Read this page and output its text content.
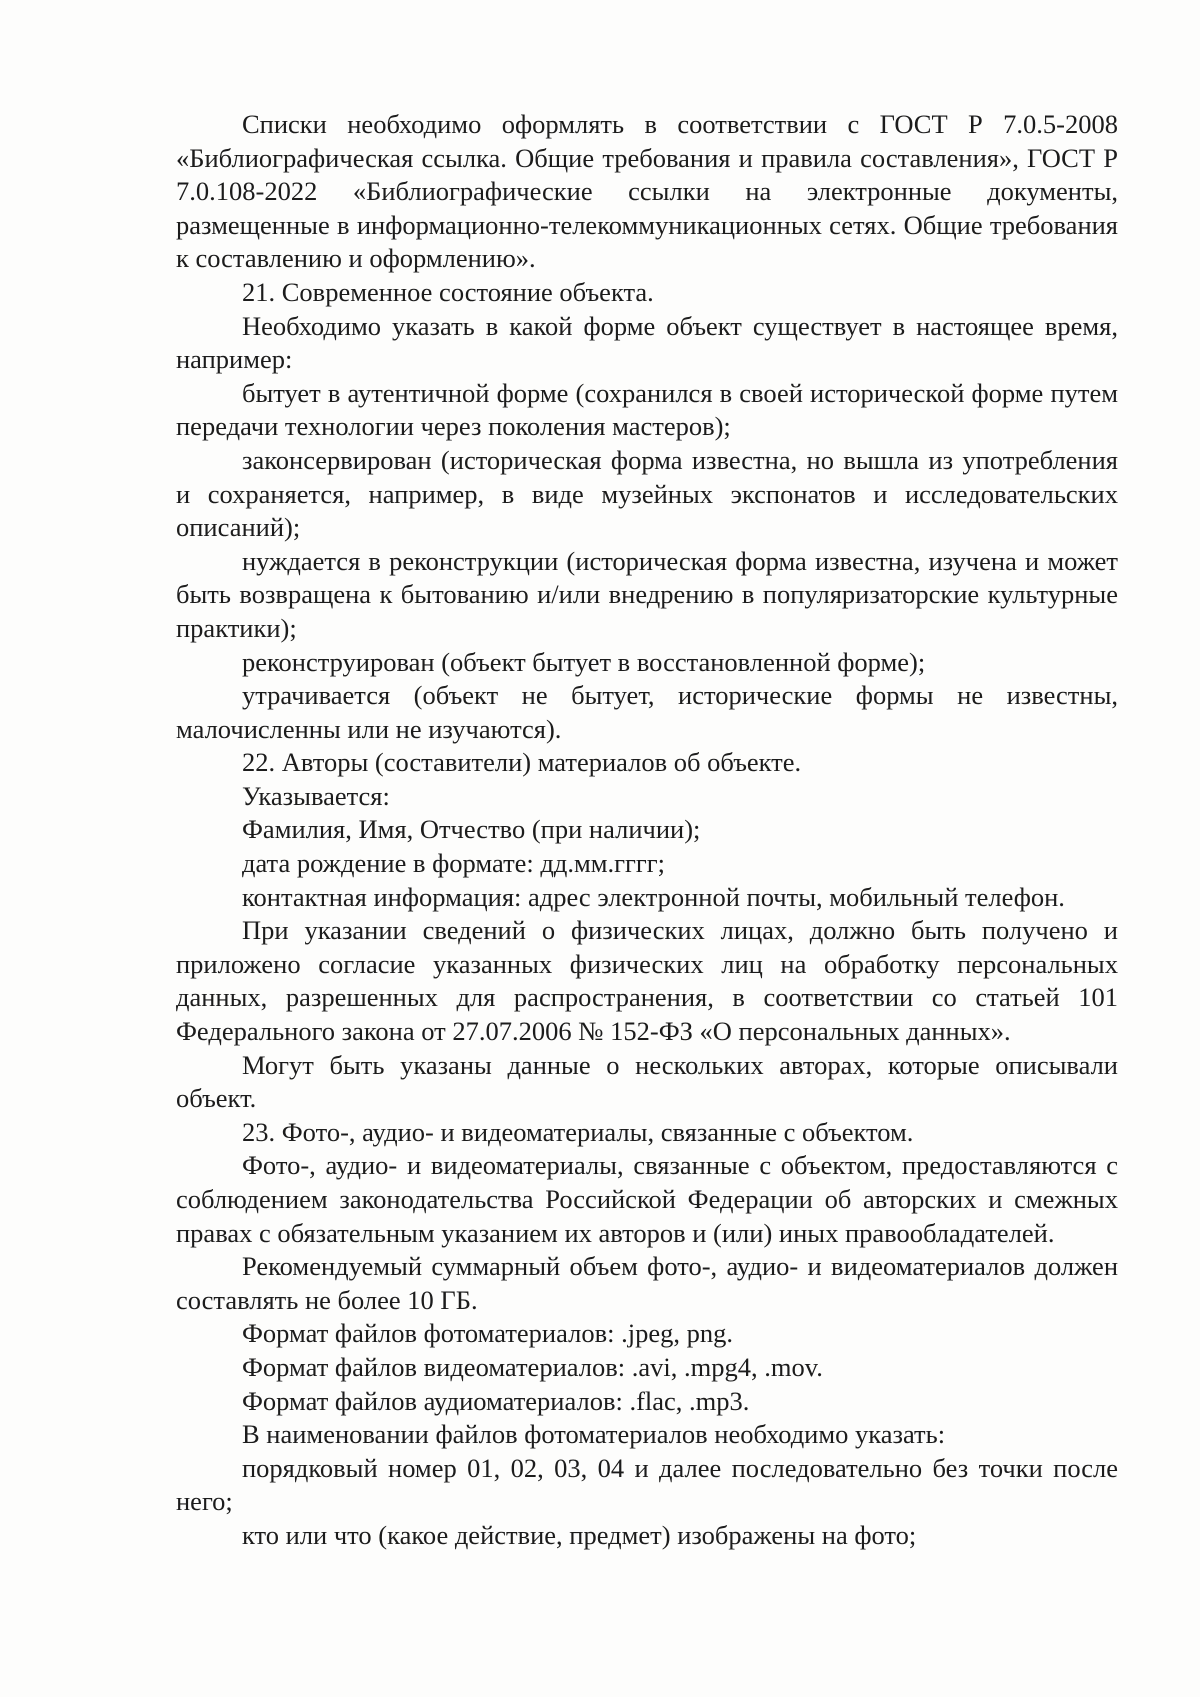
Списки необходимо оформлять в соответствии с ГОСТ Р 7.0.5-2008 «Библиографическая ссылка. Общие требования и правила составления», ГОСТ Р 7.0.108-2022 «Библиографические ссылки на электронные документы, размещенные в информационно-телекоммуникационных сетях. Общие требования к составлению и оформлению».

21. Современное состояние объекта.

Необходимо указать в какой форме объект существует в настоящее время, например:

бытует в аутентичной форме (сохранился в своей исторической форме путем передачи технологии через поколения мастеров);

законсервирован (историческая форма известна, но вышла из употребления и сохраняется, например, в виде музейных экспонатов и исследовательских описаний);

нуждается в реконструкции (историческая форма известна, изучена и может быть возвращена к бытованию и/или внедрению в популяризаторские культурные практики);

реконструирован (объект бытует в восстановленной форме);

утрачивается (объект не бытует, исторические формы не известны, малочисленны или не изучаются).

22. Авторы (составители) материалов об объекте.

Указывается:

Фамилия, Имя, Отчество (при наличии);

дата рождение в формате: дд.мм.гггг;

контактная информация: адрес электронной почты, мобильный телефон.

При указании сведений о физических лицах, должно быть получено и приложено согласие указанных физических лиц на обработку персональных данных, разрешенных для распространения, в соответствии со статьей 101 Федерального закона от 27.07.2006 № 152-ФЗ «О персональных данных».

Могут быть указаны данные о нескольких авторах, которые описывали объект.

23. Фото-, аудио- и видеоматериалы, связанные с объектом.

Фото-, аудио- и видеоматериалы, связанные с объектом, предоставляются с соблюдением законодательства Российской Федерации об авторских и смежных правах с обязательным указанием их авторов и (или) иных правообладателей.

Рекомендуемый суммарный объем фото-, аудио- и видеоматериалов должен составлять не более 10 ГБ.

Формат файлов фотоматериалов: .jpeg, png.

Формат файлов видеоматериалов: .avi, .mpg4, .mov.

Формат файлов аудиоматериалов: .flac, .mp3.

В наименовании файлов фотоматериалов необходимо указать:

порядковый номер 01, 02, 03, 04 и далее последовательно без точки после него;

кто или что (какое действие, предмет) изображены на фото;
